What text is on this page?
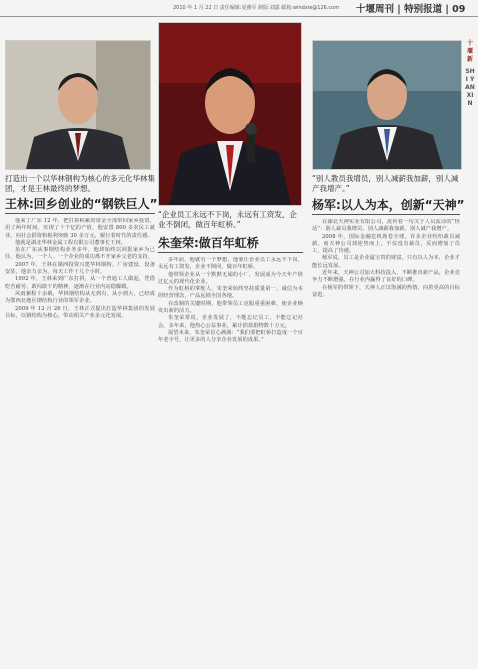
2010 年 1 月 22 日 责任编辑:夏雅军 制版:刘露 邮箱:windxie@126.com 十堰周刊 | 特别报道 | 09
十堰新
SHI YAN XIN
打造出一个以华林钢构为核心的多元化华林集团，才是王林最终的梦想。
王林:回乡创业的“钢铁巨人”

他来了广东 12 年，把打拼积累的资金全部带回家乡投资，用了两年时间，实现了十个亿的产值，他安置 800 多农民工就业，向社会捐资和税利突破 30 多万元，履行着时代的责任感。

他就是湖北华林金属工程有限公司董事长王林。

虽在广东从事钢结构业务多年，他却始终以回报家乡为己任。他认为，一个人、一个企业的成功离不开家乡父老的支持。

2007 年，王林在郧西投资兴建华林钢构。厂房建设、设备安装，他亲力亲为，每天工作十几个小时。

1992 年，王林来到广东打拼，从一个普通工人做起，凭借吃苦耐劳、敢闯敢干的精神，逐渐在行业内站稳脚跟。

风雨兼程十余载，华林钢结构从无到有、从小到大，已经成为鄂西北地区钢结构行业的领军企业。

2009 年 12 月 26 日，王林正式提出打造华林集团的发展目标，以钢结构为核心，带动相关产业多元化发展。

“企业员工永远不下岗，永远有工资发，企业不倒闭，做百年虹桥。”
朱奎荣:做百年虹桥

多年前，他就有一个梦想，他要让企业员工永远不下岗，永远有工资发，企业不倒闭，做百年虹桥。

他带领企业从一个默默无闻的小厂，发展成为今天年产值过亿元的现代化企业。

作为虹桥的掌舵人，朱奎荣始终坚持质量第一、诚信为本的经营理念，产品远销全国各地。

在改制的关键时期，他带领员工克服重重困难，使企业焕发出新的活力。

朱奎荣常说，企业发展了，不能忘记员工，不能忘记社会。多年来，他热心公益事业，累计捐款捐物数十万元。

展望未来，朱奎荣信心满满：“我们要把虹桥打造成一个百年老字号，让更多的人分享企业发展的成果。”

“别人教员我增员，别人减薪我加薪，别人减产我增产。”
杨军:以人为本，创新“天神”

在湖北天神实业有限公司，流传着一句关于人员流动的“怪话”：别人裁员我增员，别人减薪我加薪，别人减产我增产。

2008 年，国际金融危机席卷全球，许多企业纷纷裁员减薪，而天神公司却逆势而上，不仅没有裁员，反而增加了员工，提高了待遇。

杨军说，员工是企业最宝贵的财富，只有以人为本，企业才能长远发展。

近年来，天神公司加大科技投入，不断推出新产品，企业竞争力不断增强，在行业内赢得了良好的口碑。

在杨军的带领下，天神人正以饱满的热情，向着更高的目标奋进。
